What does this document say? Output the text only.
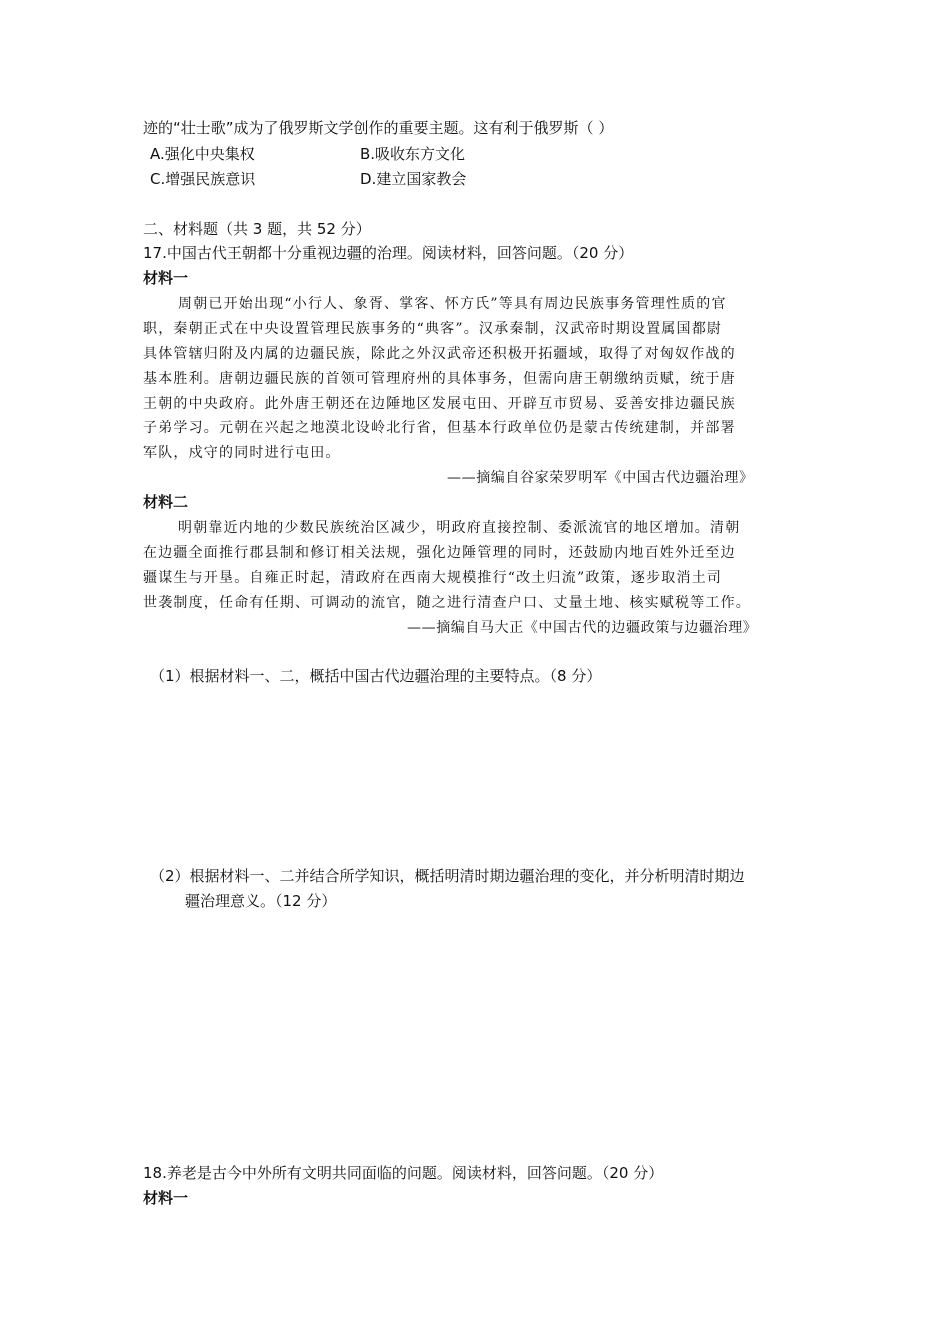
迹的“壮士歌”成为了俄罗斯文学创作的重要主题。这有利于俄罗斯（ ）
A.强化中央集权	B.吸收东方文化
C.增强民族意识	D.建立国家教会
二、材料题（共 3 题，共 52 分）
17.中国古代王朝都十分重视边疆的治理。阅读材料，回答问题。（20 分）
材料一
周朝已开始出现“小行人、象胥、掌客、怀方氏”等具有周边民族事务管理性质的官
职，秦朝正式在中央设置管理民族事务的“典客”。汉承秦制，汉武帝时期设置属国都尉
具体管辖归附及内属的边疆民族，除此之外汉武帝还积极开拓疆域，取得了对匈奴作战的
基本胜利。唐朝边疆民族的首领可管理府州的具体事务，但需向唐王朝缴纳贡赋，统于唐
王朝的中央政府。此外唐王朝还在边陲地区发展屯田、开辟互市贸易、妥善安排边疆民族
子弟学习。元朝在兴起之地漠北设岭北行省，但基本行政单位仍是蒙古传统建制，并部署
军队，戍守的同时进行屯田。
——摘编自谷家荣罗明军《中国古代边疆治理》
材料二
明朝靠近内地的少数民族统治区减少，明政府直接控制、委派流官的地区增加。清朝
在边疆全面推行郡县制和修订相关法规，强化边陲管理的同时，还鼓励内地百姓外迁至边
疆谋生与开垦。自雍正时起，清政府在西南大规模推行“改土归流”政策，逐步取消土司
世袭制度，任命有任期、可调动的流官，随之进行清查户口、丈量土地、核实赋税等工作。
——摘编自马大正《中国古代的边疆政策与边疆治理》
（1）根据材料一、二，概括中国古代边疆治理的主要特点。（8 分）
（2）根据材料一、二并结合所学知识，概括明清时期边疆治理的变化，并分析明清时期边
疆治理意义。（12 分）
18.养老是古今中外所有文明共同面临的问题。阅读材料，回答问题。（20 分）
材料一
